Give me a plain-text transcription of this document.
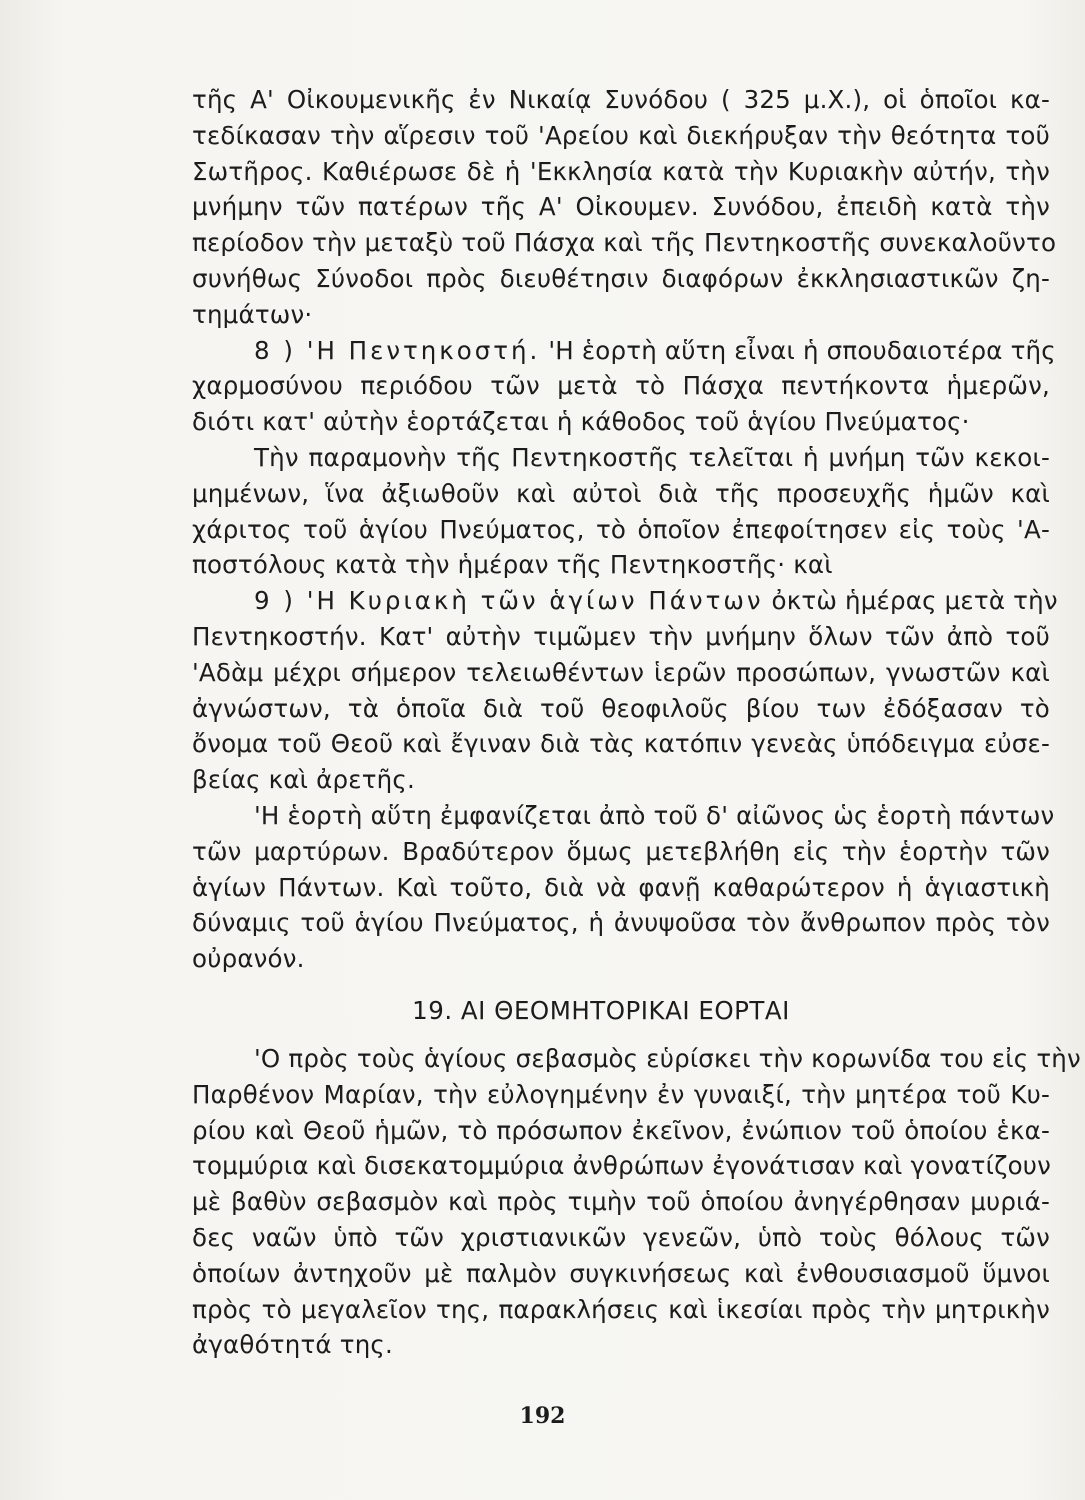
τῆς Α' Οἰκουμενικῆς ἐν Νικαίᾳ Συνόδου ( 325 μ.Χ.), οἱ ὁποῖοι κα-
τεδίκασαν τὴν αἵρεσιν τοῦ 'Αρείου καὶ διεκήρυξαν τὴν θεότητα τοῦ
Σωτῆρος. Καθιέρωσε δὲ ἡ 'Εκκλησία κατὰ τὴν Κυριακὴν αὐτήν, τὴν
μνήμην τῶν πατέρων τῆς Α' Οἰκουμεν. Συνόδου, ἐπειδὴ κατὰ τὴν
περίοδον τὴν μεταξὺ τοῦ Πάσχα καὶ τῆς Πεντηκοστῆς συνεκαλοῦντο
συνήθως Σύνοδοι πρὸς διευθέτησιν διαφόρων ἐκκλησιαστικῶν ζη-
τημάτων·
8 ) 'Η Πεντηκοστή. 'Η ἑορτὴ αὕτη εἶναι ἡ σπουδαιοτέρα τῆς
χαρμοσύνου περιόδου τῶν μετὰ τὸ Πάσχα πεντήκοντα ἡμερῶν,
διότι κατ' αὐτὴν ἑορτάζεται ἡ κάθοδος τοῦ ἁγίου Πνεύματος·
Τὴν παραμονὴν τῆς Πεντηκοστῆς τελεῖται ἡ μνήμη τῶν κεκοι-
μημένων, ἵνα ἀξιωθοῦν καὶ αὐτοὶ διὰ τῆς προσευχῆς ἡμῶν καὶ
χάριτος τοῦ ἁγίου Πνεύματος, τὸ ὁποῖον ἐπεφοίτησεν εἰς τοὺς 'Α-
ποστόλους κατὰ τὴν ἡμέραν τῆς Πεντηκοστῆς· καὶ
9 ) 'Η Κυριακὴ τῶν ἁγίων Πάντων ὀκτὼ ἡμέρας μετὰ τὴν
Πεντηκοστήν. Κατ' αὐτὴν τιμῶμεν τὴν μνήμην ὅλων τῶν ἀπὸ τοῦ
'Αδὰμ μέχρι σήμερον τελειωθέντων ἱερῶν προσώπων, γνωστῶν καὶ
ἀγνώστων, τὰ ὁποῖα διὰ τοῦ θεοφιλοῦς βίου των ἐδόξασαν τὸ
ὄνομα τοῦ Θεοῦ καὶ ἔγιναν διὰ τὰς κατόπιν γενεὰς ὑπόδειγμα εὐσε-
βείας καὶ ἀρετῆς.
'Η ἑορτὴ αὕτη ἐμφανίζεται ἀπὸ τοῦ δ' αἰῶνος ὡς ἑορτὴ πάντων
τῶν μαρτύρων. Βραδύτερον ὅμως μετεβλήθη εἰς τὴν ἑορτὴν τῶν
ἁγίων Πάντων. Καὶ τοῦτο, διὰ νὰ φανῇ καθαρώτερον ἡ ἁγιαστικὴ
δύναμις τοῦ ἁγίου Πνεύματος, ἡ ἀνυψοῦσα τὸν ἄνθρωπον πρὸς τὸν
οὐρανόν.
19. ΑΙ ΘΕΟΜΗΤΟΡΙΚΑΙ ΕΟΡΤΑΙ
'Ο πρὸς τοὺς ἁγίους σεβασμὸς εὑρίσκει τὴν κορωνίδα του εἰς τὴν
Παρθένον Μαρίαν, τὴν εὐλογημένην ἐν γυναιξί, τὴν μητέρα τοῦ Κυ-
ρίου καὶ Θεοῦ ἡμῶν, τὸ πρόσωπον ἐκεῖνον, ἐνώπιον τοῦ ὁποίου ἑκα-
τομμύρια καὶ δισεκατομμύρια ἀνθρώπων ἐγονάτισαν καὶ γονατίζουν
μὲ βαθὺν σεβασμὸν καὶ πρὸς τιμὴν τοῦ ὁποίου ἀνηγέρθησαν μυριά-
δες ναῶν ὑπὸ τῶν χριστιανικῶν γενεῶν, ὑπὸ τοὺς θόλους τῶν
ὁποίων ἀντηχοῦν μὲ παλμὸν συγκινήσεως καὶ ἐνθουσιασμοῦ ὕμνοι
πρὸς τὸ μεγαλεῖον της, παρακλήσεις καὶ ἱκεσίαι πρὸς τὴν μητρικὴν
ἀγαθότητά της.
192
